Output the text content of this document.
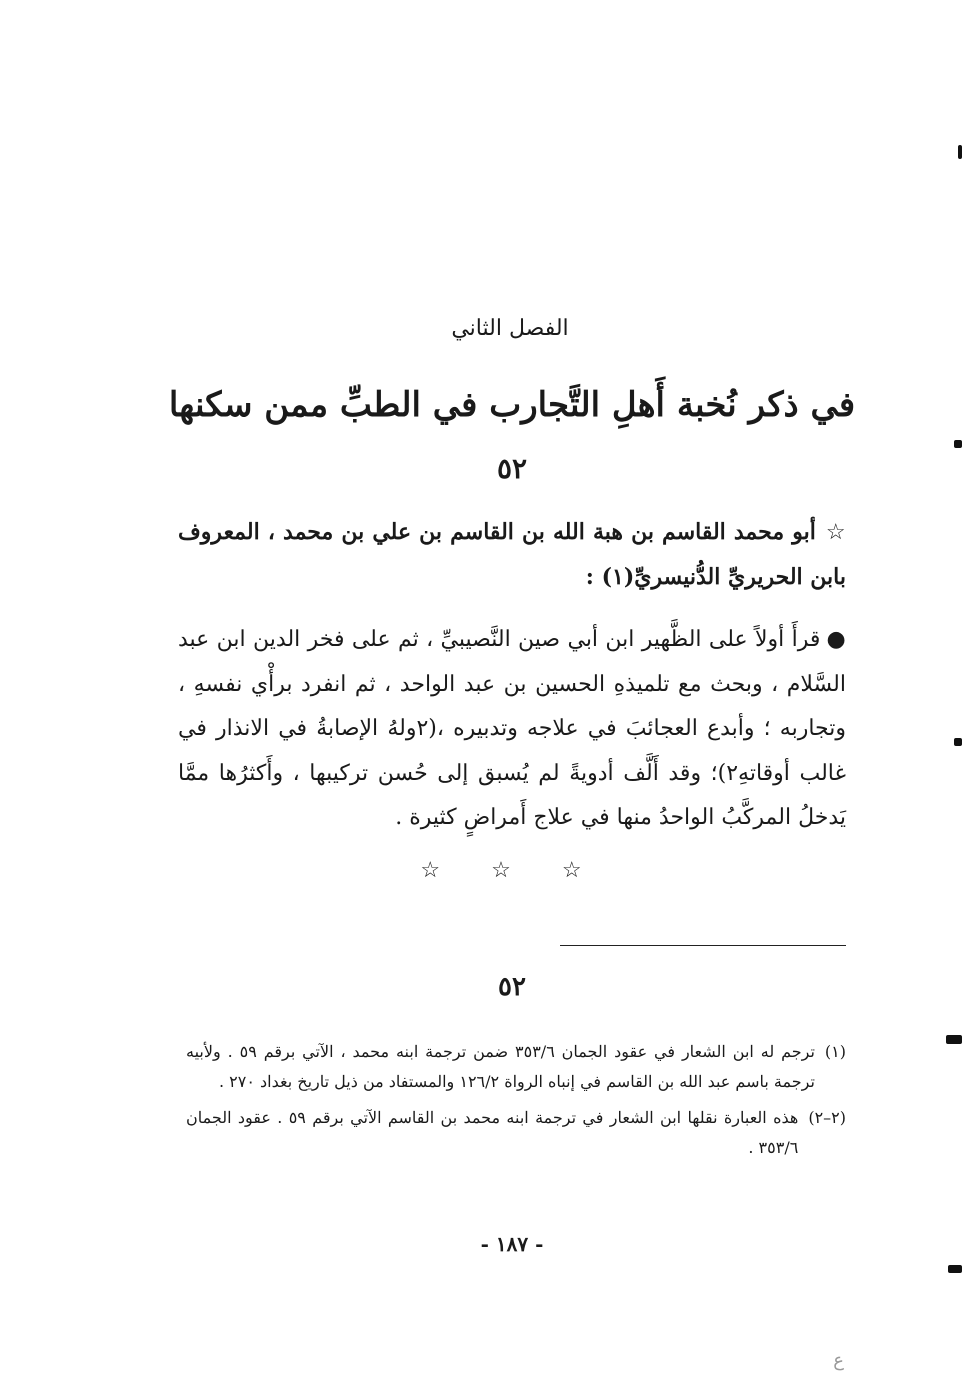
الفصل الثاني
في ذكر نُخبة أَهلِ التَّجارب في الطبِّ ممن سكنها
٥٢
☆أبو محمد القاسم بن هبة الله بن القاسم بن علي بن محمد ، المعروف بابن الحريريِّ الدُّنيسريِّ(١) :
●قرأَ أولاً على الظَّهير ابن أبي صين النَّصيبيِّ ، ثم على فخر الدين ابن عبد السَّلام ، وبحث مع تلميذهِ الحسين بن عبد الواحد ، ثم انفرد برأْي نفسهِ ، وتجاربه ؛ وأبدع العجائبَ في علاجه وتدبيره ،(٢ولهُ الإصابةُ في الانذار في غالب أوقاتهِ٢)؛ وقد أَلَّف أدويةً لم يُسبق إلى حُسن تركيبها ، وأَكثرُها ممَّا يَدخلُ المركَّبُ الواحدُ منها في علاج أَمراضٍ كثيرة .
☆ ☆ ☆
٥٢
(١)
ترجم له ابن الشعار في عقود الجمان ٣٥٣/٦ ضمن ترجمة ابنه محمد ، الآتي برقم ٥٩ . ولأبيه ترجمة باسم عبد الله بن القاسم في إنباه الرواة ١٢٦/٢ والمستفاد من ذيل تاريخ بغداد ٢٧٠ .
(٢–٢)
هذه العبارة نقلها ابن الشعار في ترجمة ابنه محمد بن القاسم الآتي برقم ٥٩ . عقود الجمان ٣٥٣/٦ .
- ١٨٧ -
ع
